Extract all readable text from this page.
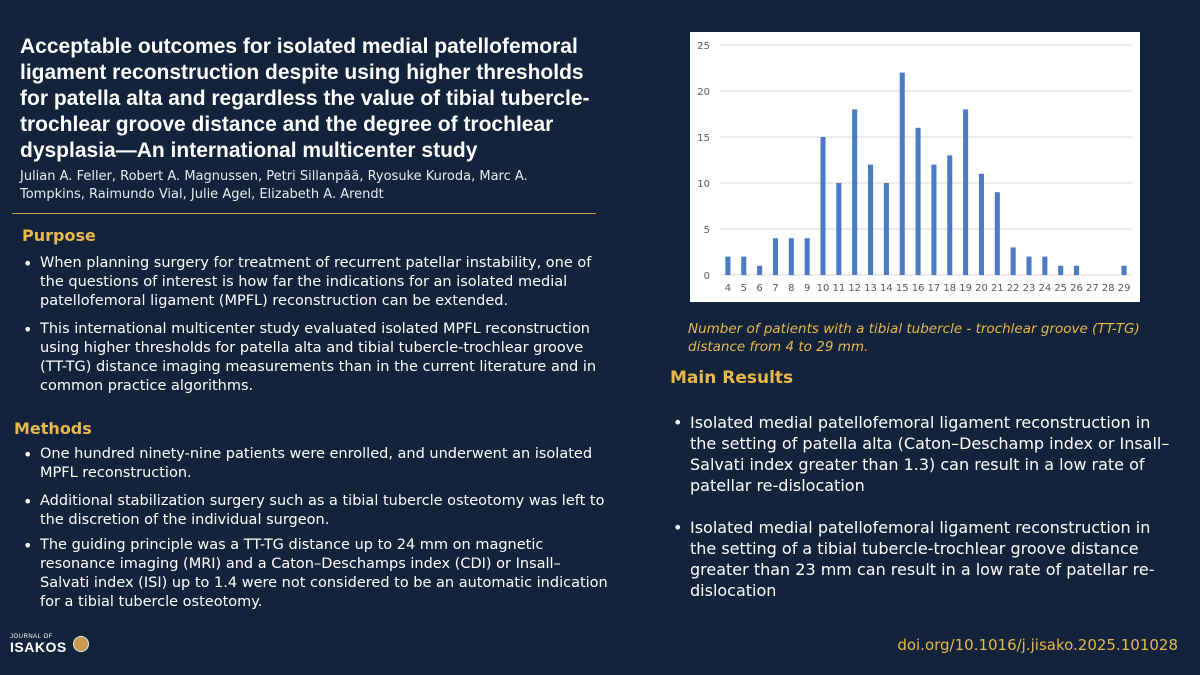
Acceptable outcomes for isolated medial patellofemoral ligament reconstruction despite using higher thresholds for patella alta and regardless the value of tibial tubercle-trochlear groove distance and the degree of trochlear dysplasia—An international multicenter study
Julian A. Feller, Robert A. Magnussen, Petri Sillanpää, Ryosuke Kuroda, Marc A. Tompkins, Raimundo Vial, Julie Agel, Elizabeth A. Arendt
Purpose
• When planning surgery for treatment of recurrent patellar instability, one of the questions of interest is how far the indications for an isolated medial patellofemoral ligament (MPFL) reconstruction can be extended.
• This international multicenter study evaluated isolated MPFL reconstruction using higher thresholds for patella alta and tibial tubercle-trochlear groove (TT-TG) distance imaging measurements than in the current literature and in common practice algorithms.
Methods
• One hundred ninety-nine patients were enrolled, and underwent an isolated MPFL reconstruction.
• Additional stabilization surgery such as a tibial tubercle osteotomy was left to the discretion of the individual surgeon.
• The guiding principle was a TT-TG distance up to 24 mm on magnetic resonance imaging (MRI) and a Caton–Deschamps index (CDI) or Insall–Salvati index (ISI) up to 1.4 were not considered to be an automatic indication for a tibial tubercle osteotomy.
0
5
10
15
20
25
4 5 6 7 8 9 10 11 12 13 14 15 16 17 18 19 20 21 22 23 24 25 26 27 28 29
Number of patients with a tibial tubercle - trochlear groove (TT-TG) distance from 4 to 29 mm.
Main Results
• Isolated medial patellofemoral ligament reconstruction in the setting of patella alta (Caton–Deschamp index or Insall–Salvati index greater than 1.3) can result in a low rate of patellar re-dislocation
• Isolated medial patellofemoral ligament reconstruction in the setting of a tibial tubercle-trochlear groove distance greater than 23 mm can result in a low rate of patellar re-dislocation
JOURNAL OF
ISAKOS	doi.org/10.1016/j.jisako.2025.101028
